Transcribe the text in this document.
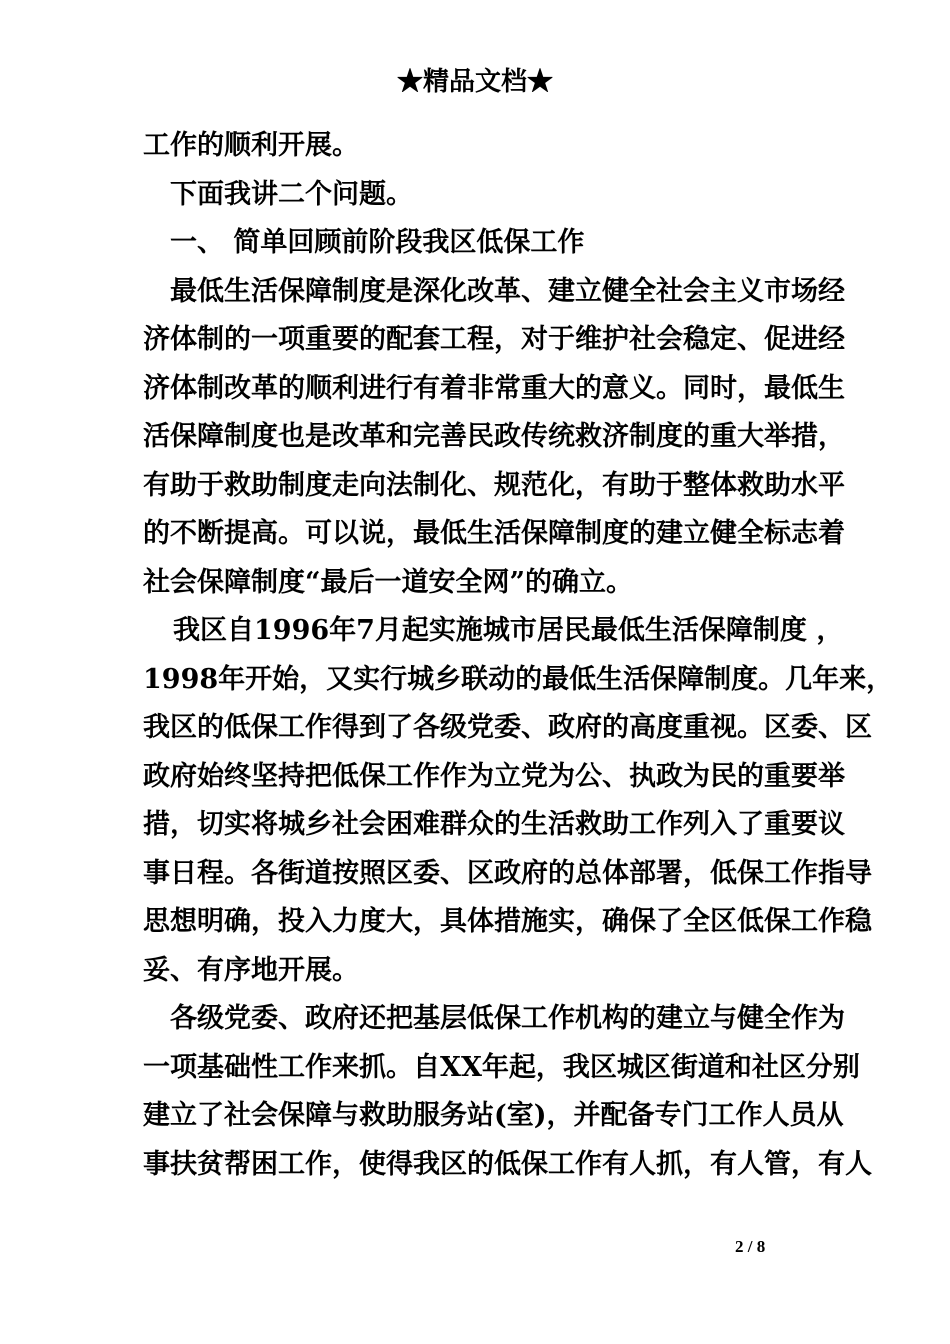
★精品文档★
工作的顺利开展。
下面我讲二个问题。
一、 简单回顾前阶段我区低保工作
最低生活保障制度是深化改革、建立健全社会主义市场经
济体制的一项重要的配套工程，对于维护社会稳定、促进经
济体制改革的顺利进行有着非常重大的意义。同时，最低生
活保障制度也是改革和完善民政传统救济制度的重大举措，
有助于救助制度走向法制化、规范化，有助于整体救助水平
的不断提高。可以说，最低生活保障制度的建立健全标志着
社会保障制度“最后一道安全网”的确立。
我区自1996年7月起实施城市居民最低生活保障制度 ，
1998年开始，又实行城乡联动的最低生活保障制度。几年来，
我区的低保工作得到了各级党委、政府的高度重视。区委、区
政府始终坚持把低保工作作为立党为公、执政为民的重要举
措，切实将城乡社会困难群众的生活救助工作列入了重要议
事日程。各街道按照区委、区政府的总体部署，低保工作指导
思想明确，投入力度大，具体措施实，确保了全区低保工作稳
妥、有序地开展。
各级党委、政府还把基层低保工作机构的建立与健全作为
一项基础性工作来抓。自XX年起，我区城区街道和社区分别
建立了社会保障与救助服务站(室)，并配备专门工作人员从
事扶贫帮困工作，使得我区的低保工作有人抓，有人管，有人
2 / 8
